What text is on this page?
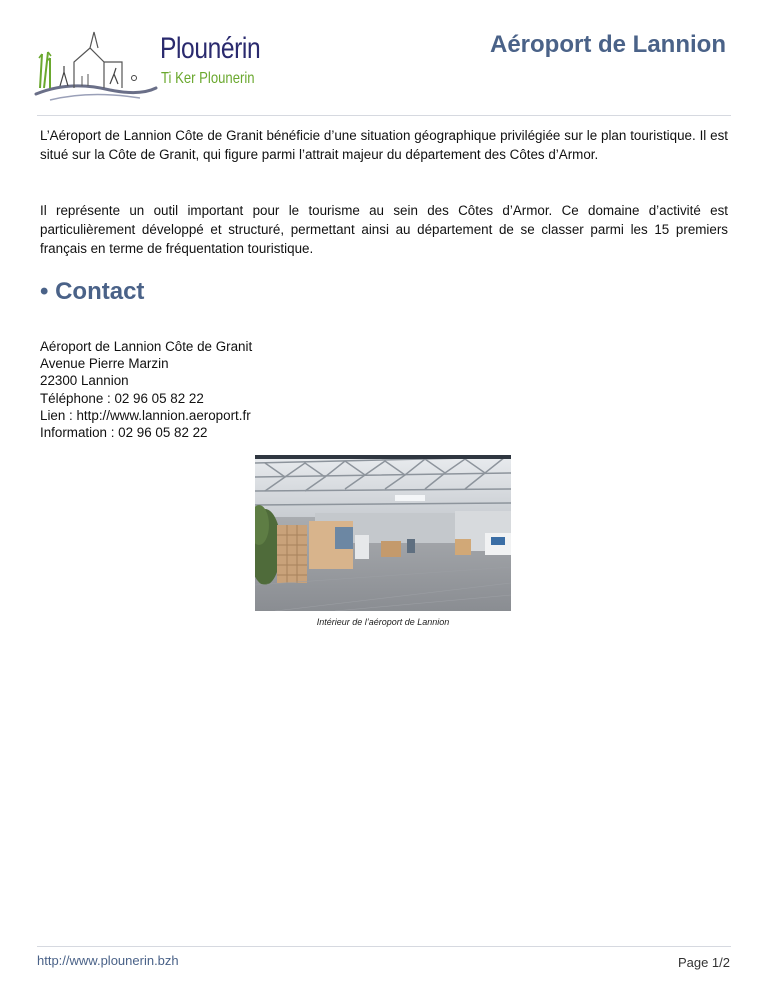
Plounérin
Ti Ker Plounerin
Aéroport de Lannion

L’Aéroport de Lannion Côte de Granit bénéficie d’une situation géographique privilégiée sur le plan touristique. Il est situé sur la Côte de Granit, qui figure parmi l’attrait majeur du département des Côtes d’Armor.

Il représente un outil important pour le tourisme au sein des Côtes d’Armor. Ce domaine d’activité est particulièrement développé et structuré, permettant ainsi au département de se classer parmi les 15 premiers français en terme de fréquentation touristique.

• Contact
Aéroport de Lannion Côte de Granit
Avenue Pierre Marzin
22300 Lannion
Téléphone : 02 96 05 82 22
Lien : http://www.lannion.aeroport.fr
Information : 02 96 05 82 22
Intérieur de l’aéroport de Lannion
http://www.plounerin.bzh	Page 1/2
